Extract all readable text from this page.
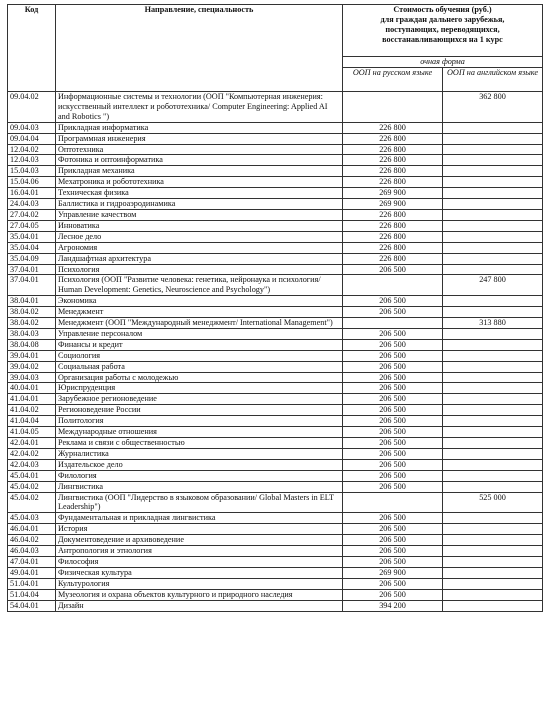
Код	Направление, специальность	Стоимость обучения (руб.)
для граждан дальнего зарубежья,
поступающих, переводящихся,
восстанавливающихся на 1 курс	

		очная форма	
		ООП на русском языке	ООП на английском языке
09.04.02	Информационные системы и технологии (ООП "Компьютерная инженерия: искусственный интеллект и робототехника/ Computer Engineering: Applied AI and Robotics ")		362 800
09.04.03	Прикладная информатика	226 800	
09.04.04	Программная инженерия	226 800	
12.04.02	Оптотехника	226 800	
12.04.03	Фотоника и оптоинформатика	226 800	
15.04.03	Прикладная механика	226 800	
15.04.06	Мехатроника и робототехника	226 800	
16.04.01	Техническая физика	269 900	
24.04.03	Баллистика и гидроаэродинамика	269 900	
27.04.02	Управление качеством	226 800	
27.04.05	Инноватика	226 800	
35.04.01	Лесное дело	226 800	
35.04.04	Агрономия	226 800	
35.04.09	Ландшафтная архитектура	226 800	
37.04.01	Психология	206 500	
37.04.01	Психология (ООП "Развитие человека: генетика, нейронаука и психология/ Human Development: Genetics, Neuroscience and Psychology")		247 800
38.04.01	Экономика	206 500	
38.04.02	Менеджмент	206 500	
38.04.02	Менеджмент (ООП "Международный менеджмент/ International Management")		313 880
38.04.03	Управление персоналом	206 500	
38.04.08	Финансы и кредит	206 500	
39.04.01	Социология	206 500	
39.04.02	Социальная работа	206 500	
39.04.03	Организация работы с молодежью	206 500	
40.04.01	Юриспруденция	206 500	
41.04.01	Зарубежное регионоведение	206 500	
41.04.02	Регионоведение России	206 500	
41.04.04	Политология	206 500	
41.04.05	Международные отношения	206 500	
42.04.01	Реклама и связи с общественностью	206 500	
42.04.02	Журналистика	206 500	
42.04.03	Издательское дело	206 500	
45.04.01	Филология	206 500	
45.04.02	Лингвистика	206 500	
45.04.02	Лингвистика (ООП "Лидерство в языковом образовании/ Global Masters in ELT Leadership")		525 000
45.04.03	Фундаментальная и прикладная лингвистика	206 500	
46.04.01	История	206 500	
46.04.02	Документоведение и архивоведение	206 500	
46.04.03	Антропология и этнология	206 500	
47.04.01	Философия	206 500	
49.04.01	Физическая культура	269 900	
51.04.01	Культурология	206 500	
51.04.04	Музеология и охрана объектов культурного и природного наследия	206 500	
54.04.01	Дизайн	394 200	
